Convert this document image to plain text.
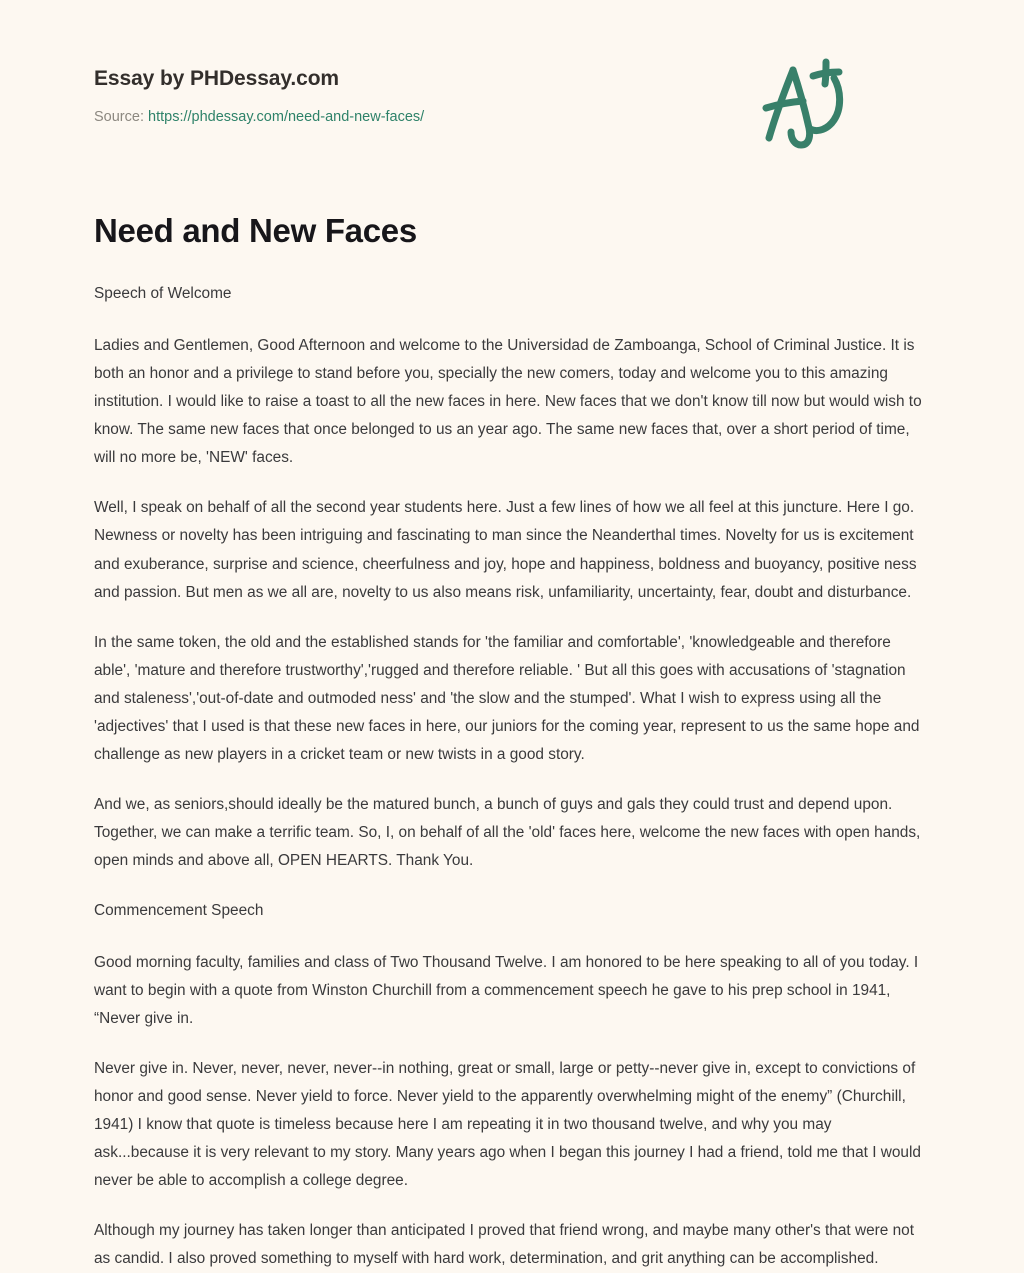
Essay by PHDessay.com
Source: https://phdessay.com/need-and-new-faces/
Need and New Faces

Speech of Welcome

Ladies and Gentlemen, Good Afternoon and welcome to the Universidad de Zamboanga, School of Criminal Justice. It is both an honor and a privilege to stand before you, specially the new comers, today and welcome you to this amazing institution. I would like to raise a toast to all the new faces in here. New faces that we don't know till now but would wish to know. The same new faces that once belonged to us an year ago. The same new faces that, over a short period of time, will no more be, 'NEW' faces.

Well, I speak on behalf of all the second year students here. Just a few lines of how we all feel at this juncture. Here I go. Newness or novelty has been intriguing and fascinating to man since the Neanderthal times. Novelty for us is excitement and exuberance, surprise and science, cheerfulness and joy, hope and happiness, boldness and buoyancy, positive ness and passion. But men as we all are, novelty to us also means risk, unfamiliarity, uncertainty, fear, doubt and disturbance.

In the same token, the old and the established stands for 'the familiar and comfortable', 'knowledgeable and therefore able', 'mature and therefore trustworthy','rugged and therefore reliable. ' But all this goes with accusations of 'stagnation and staleness','out-of-date and outmoded ness' and 'the slow and the stumped'. What I wish to express using all the 'adjectives' that I used is that these new faces in here, our juniors for the coming year, represent to us the same hope and challenge as new players in a cricket team or new twists in a good story.

And we, as seniors,should ideally be the matured bunch, a bunch of guys and gals they could trust and depend upon. Together, we can make a terrific team. So, I, on behalf of all the 'old' faces here, welcome the new faces with open hands, open minds and above all, OPEN HEARTS. Thank You.

Commencement Speech

Good morning faculty, families and class of Two Thousand Twelve. I am honored to be here speaking to all of you today. I want to begin with a quote from Winston Churchill from a commencement speech he gave to his prep school in 1941, “Never give in.

Never give in. Never, never, never, never--in nothing, great or small, large or petty--never give in, except to convictions of honor and good sense. Never yield to force. Never yield to the apparently overwhelming might of the enemy” (Churchill, 1941) I know that quote is timeless because here I am repeating it in two thousand twelve, and why you may ask...because it is very relevant to my story. Many years ago when I began this journey I had a friend, told me that I would never be able to accomplish a college degree.

Although my journey has taken longer than anticipated I proved that friend wrong, and maybe many other's that were not as candid. I also proved something to myself with hard work, determination, and grit anything can be accomplished.
